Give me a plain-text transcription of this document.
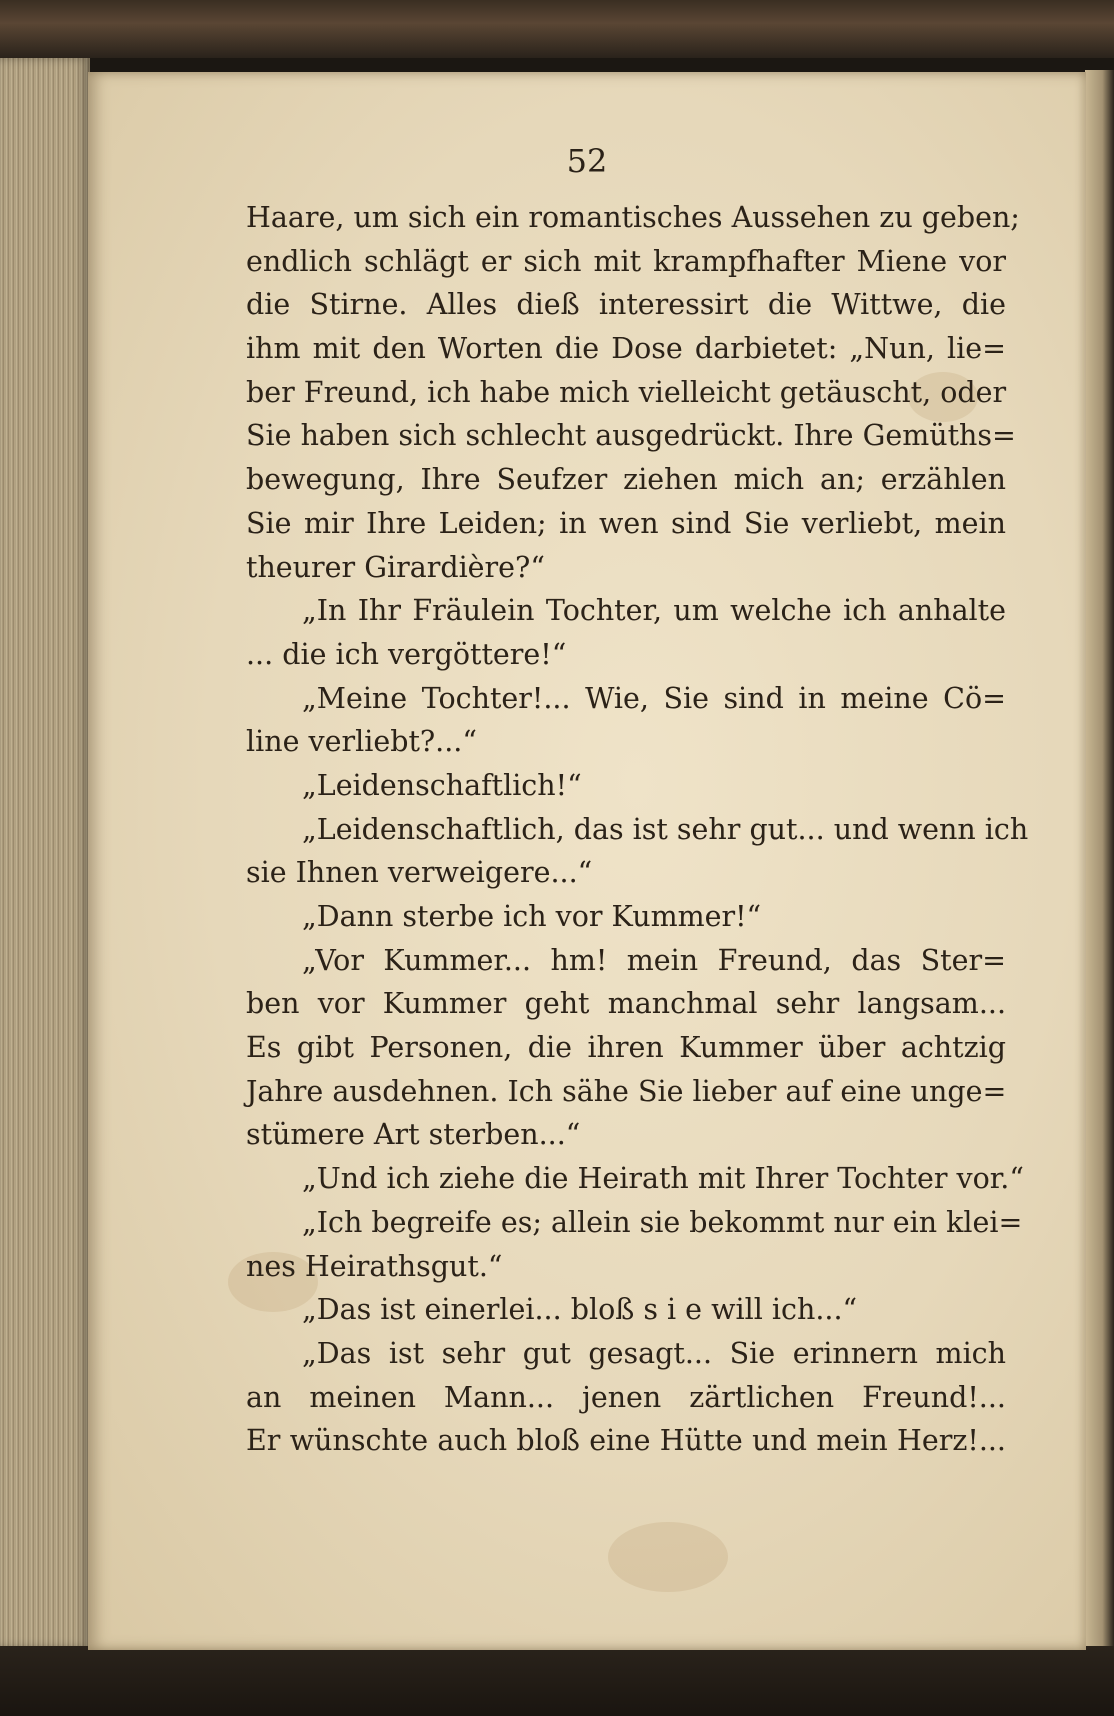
52
Haare, um sich ein romantisches Aussehen zu geben;
endlich schlägt er sich mit krampfhafter Miene vor
die Stirne. Alles dieß interessirt die Wittwe, die
ihm mit den Worten die Dose darbietet: „Nun, lie=
ber Freund, ich habe mich vielleicht getäuscht, oder
Sie haben sich schlecht ausgedrückt. Ihre Gemüths=
bewegung, Ihre Seufzer ziehen mich an; erzählen
Sie mir Ihre Leiden; in wen sind Sie verliebt, mein
theurer Girardière?“
„In Ihr Fräulein Tochter, um welche ich anhalte
... die ich vergöttere!“
„Meine Tochter!... Wie, Sie sind in meine Cö=
line verliebt?...“
„Leidenschaftlich!“
„Leidenschaftlich, das ist sehr gut... und wenn ich
sie Ihnen verweigere...“
„Dann sterbe ich vor Kummer!“
„Vor Kummer... hm! mein Freund, das Ster=
ben vor Kummer geht manchmal sehr langsam...
Es gibt Personen, die ihren Kummer über achtzig
Jahre ausdehnen. Ich sähe Sie lieber auf eine unge=
stümere Art sterben...“
„Und ich ziehe die Heirath mit Ihrer Tochter vor.“
„Ich begreife es; allein sie bekommt nur ein klei=
nes Heirathsgut.“
„Das ist einerlei... bloß s i e will ich...“
„Das ist sehr gut gesagt... Sie erinnern mich
an meinen Mann... jenen zärtlichen Freund!...
Er wünschte auch bloß eine Hütte und mein Herz!...
